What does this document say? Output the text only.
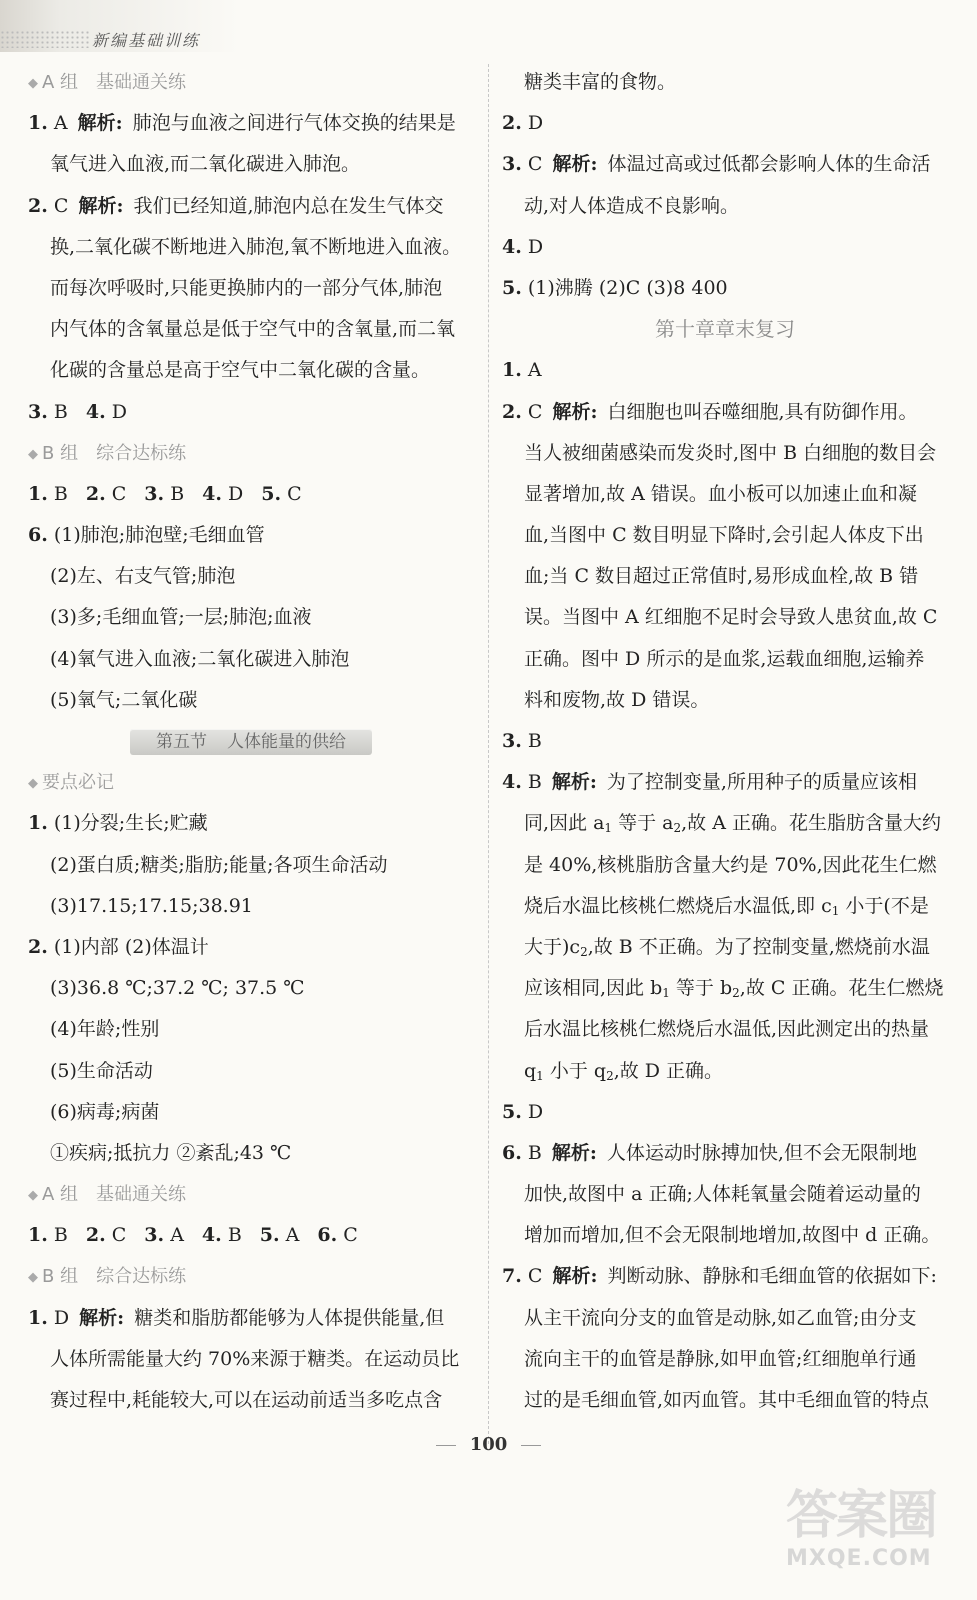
新编基础训练
◆ A 组 基础通关练
1. A 解析: 肺泡与血液之间进行气体交换的结果是
氧气进入血液,而二氧化碳进入肺泡。
2. C 解析: 我们已经知道,肺泡内总在发生气体交
换,二氧化碳不断地进入肺泡,氧不断地进入血液。
而每次呼吸时,只能更换肺内的一部分气体,肺泡
内气体的含氧量总是低于空气中的含氧量,而二氧
化碳的含量总是高于空气中二氧化碳的含量。
3. B 4. D
◆ B 组 综合达标练
1. B 2. C 3. B 4. D 5. C
6. (1)肺泡;肺泡壁;毛细血管
(2)左、右支气管;肺泡
(3)多;毛细血管;一层;肺泡;血液
(4)氧气进入血液;二氧化碳进入肺泡
(5)氧气;二氧化碳
第五节 人体能量的供给
◆ 要点必记
1. (1)分裂;生长;贮藏
(2)蛋白质;糖类;脂肪;能量;各项生命活动
(3)17.15;17.15;38.91
2. (1)内部 (2)体温计
(3)36.8 ℃;37.2 ℃; 37.5 ℃
(4)年龄;性别
(5)生命活动
(6)病毒;病菌
①疾病;抵抗力 ②紊乱;43 ℃
◆ A 组 基础通关练
1. B 2. C 3. A 4. B 5. A 6. C
◆ B 组 综合达标练
1. D 解析: 糖类和脂肪都能够为人体提供能量,但
人体所需能量大约 70%来源于糖类。在运动员比
赛过程中,耗能较大,可以在运动前适当多吃点含
糖类丰富的食物。
2. D
3. C 解析: 体温过高或过低都会影响人体的生命活
动,对人体造成不良影响。
4. D
5. (1)沸腾 (2)C (3)8 400
第十章章末复习
1. A
2. C 解析: 白细胞也叫吞噬细胞,具有防御作用。
当人被细菌感染而发炎时,图中 B 白细胞的数目会
显著增加,故 A 错误。血小板可以加速止血和凝
血,当图中 C 数目明显下降时,会引起人体皮下出
血;当 C 数目超过正常值时,易形成血栓,故 B 错
误。当图中 A 红细胞不足时会导致人患贫血,故 C
正确。图中 D 所示的是血浆,运载血细胞,运输养
料和废物,故 D 错误。
3. B
4. B 解析: 为了控制变量,所用种子的质量应该相
同,因此 $a_1$ 等于 $a_2$,故 A 正确。花生脂肪含量大约
是 40%,核桃脂肪含量大约是 70%,因此花生仁燃
烧后水温比核桃仁燃烧后水温低,即 $c_1$ 小于(不是
大于)$c_2$,故 B 不正确。为了控制变量,燃烧前水温
应该相同,因此 $b_1$ 等于 $b_2$,故 C 正确。花生仁燃烧
后水温比核桃仁燃烧后水温低,因此测定出的热量
$q_1$ 小于 $q_2$,故 D 正确。
5. D
6. B 解析: 人体运动时脉搏加快,但不会无限制地
加快,故图中 a 正确;人体耗氧量会随着运动量的
增加而增加,但不会无限制地增加,故图中 d 正确。
7. C 解析: 判断动脉、静脉和毛细血管的依据如下:
从主干流向分支的血管是动脉,如乙血管;由分支
流向主干的血管是静脉,如甲血管;红细胞单行通
过的是毛细血管,如丙血管。其中毛细血管的特点
100
答案圈
MXQE.COM
